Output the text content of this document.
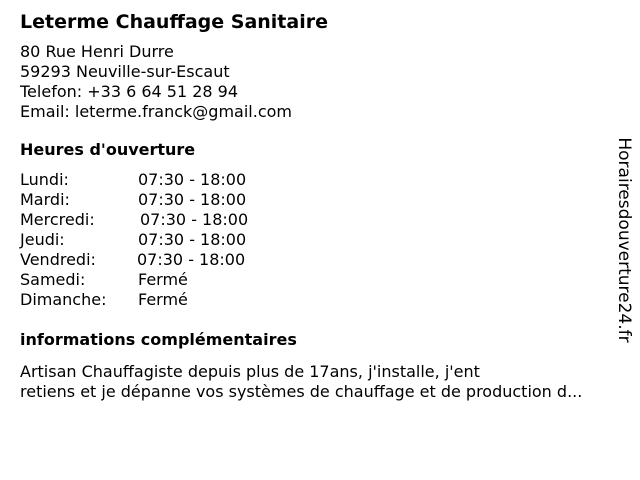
Leterme Chauffage Sanitaire
80 Rue Henri Durre
59293 Neuville-sur-Escaut
Telefon: +33 6 64 51 28 94
Email: leterme.franck@gmail.com
Heures d'ouverture
Lundi:	07:30 - 18:00
Mardi:	07:30 - 18:00
Mercredi:	07:30 - 18:00
Jeudi:	07:30 - 18:00
Vendredi:	07:30 - 18:00
Samedi:	Fermé
Dimanche:	Fermé
informations complémentaires
Artisan Chauffagiste depuis plus de 17ans, j'installe, j'ent
retiens et je dépanne vos systèmes de chauffage et de production d...
Horairesdouverture24.fr
